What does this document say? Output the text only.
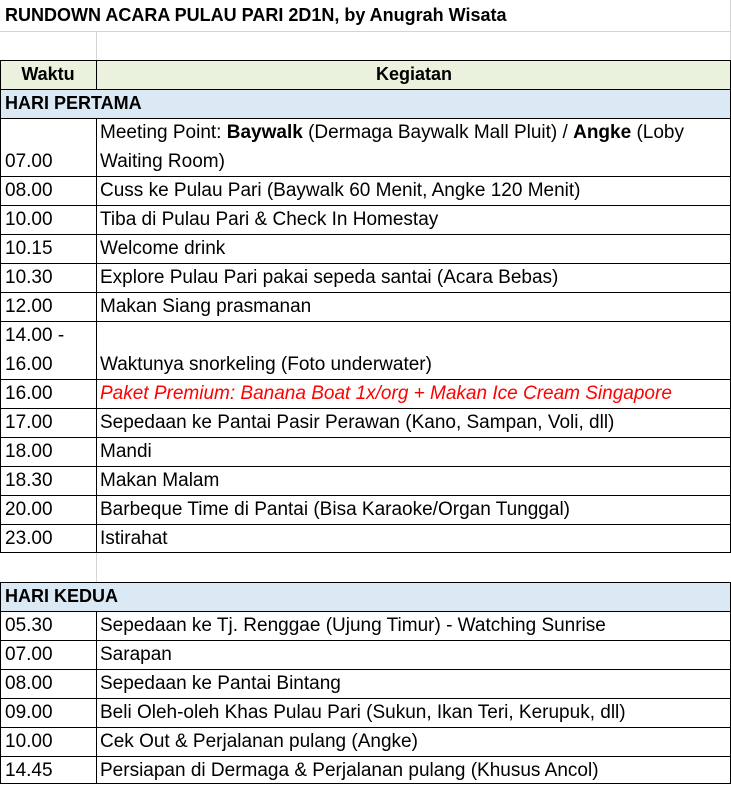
RUNDOWN ACARA PULAU PARI 2D1N, by Anugrah Wisata
Waktu	Kegiatan
HARI PERTAMA
07.00
Meeting Point: Baywalk (Dermaga Baywalk Mall Pluit) / Angke (Loby
Waiting Room)
08.00 Cuss ke Pulau Pari (Baywalk 60 Menit, Angke 120 Menit)
10.00 Tiba di Pulau Pari & Check In Homestay
10.15 Welcome drink
10.30 Explore Pulau Pari pakai sepeda santai (Acara Bebas)
12.00 Makan Siang prasmanan
14.00 -
16.00 Waktunya snorkeling (Foto underwater)
16.00 Paket Premium: Banana Boat 1x/org + Makan Ice Cream Singapore
17.00 Sepedaan ke Pantai Pasir Perawan (Kano, Sampan, Voli, dll)
18.00 Mandi
18.30 Makan Malam
20.00 Barbeque Time di Pantai (Bisa Karaoke/Organ Tunggal)
23.00 Istirahat
HARI KEDUA
05.30 Sepedaan ke Tj. Renggae (Ujung Timur) - Watching Sunrise
07.00 Sarapan
08.00 Sepedaan ke Pantai Bintang
09.00 Beli Oleh-oleh Khas Pulau Pari (Sukun, Ikan Teri, Kerupuk, dll)
10.00 Cek Out & Perjalanan pulang (Angke)
14.45 Persiapan di Dermaga & Perjalanan pulang (Khusus Ancol)
